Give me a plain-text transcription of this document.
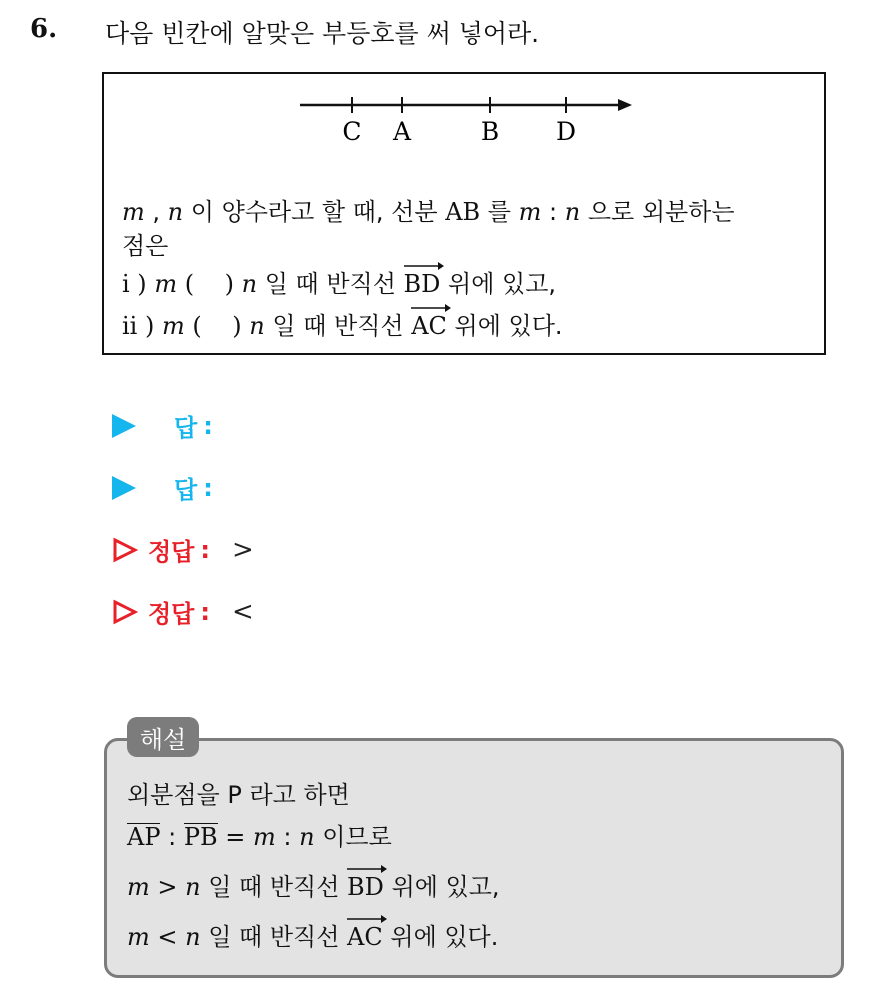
6. 다음 빈칸에 알맞은 부등호를 써 넣어라.
C A	B D
m , n 이 양수라고 할 때, 선분 AB 를 m : n 으로 외분하는
점은
i ) m (    ) n 일 때 반직선
BD 위에 있고,
ii ) m (    ) n 일 때 반직선
AC 위에 있다.
답 :
답 :
정답 : >
정답 : <
해설
외분점을 P 라고 하면
AP : PB = m : n 이므로
m > n 일 때 반직선
BD 위에 있고,
m < n 일 때 반직선
AC 위에 있다.
